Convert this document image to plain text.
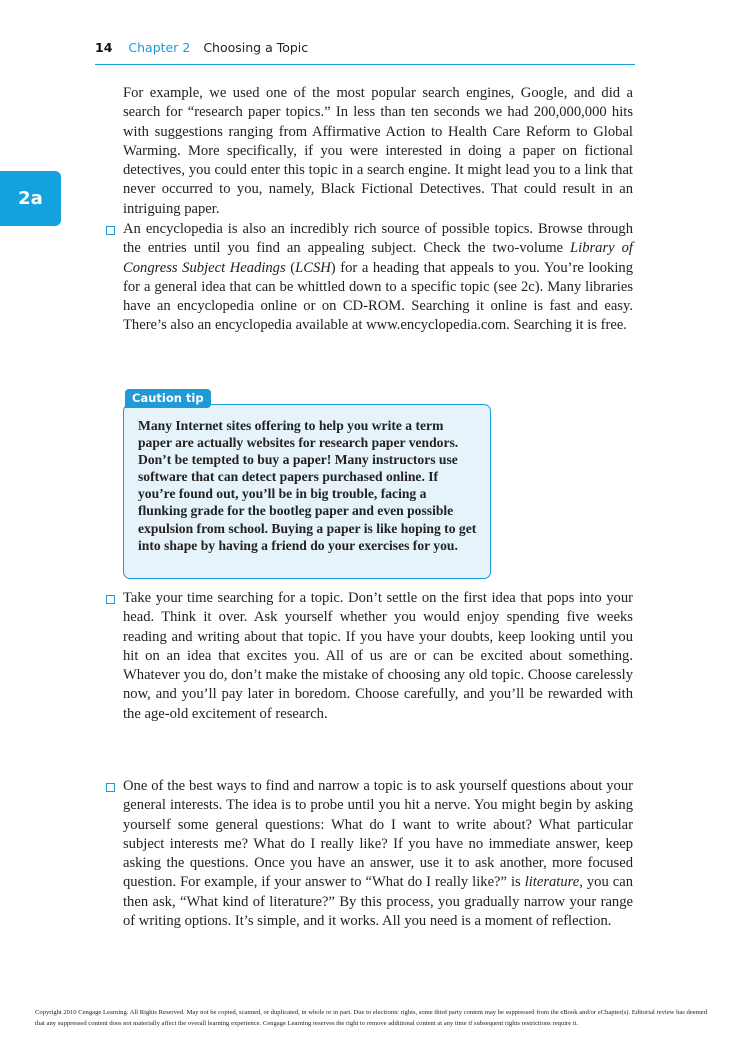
14 Chapter 2 Choosing a Topic
2a
For example, we used one of the most popular search engines, Google, and did a search for “research paper topics.” In less than ten seconds we had 200,000,000 hits with suggestions ranging from Affirmative Action to Health Care Reform to Global Warming. More specifically, if you were interested in doing a paper on fictional detectives, you could enter this topic in a search engine. It might lead you to a link that never occurred to you, namely, Black Fictional Detectives. That could result in an intriguing paper.
An encyclopedia is also an incredibly rich source of possible topics. Browse through the entries until you find an appealing subject. Check the two-volume Library of Congress Subject Headings (LCSH) for a heading that appeals to you. You’re looking for a general idea that can be whittled down to a specific topic (see 2c). Many libraries have an encyclopedia online or on CD-ROM. Searching it online is fast and easy. There’s also an encyclopedia available at www.encyclopedia.com. Searching it is free.
Many Internet sites offering to help you write a term paper are actually websites for research paper vendors. Don’t be tempted to buy a paper! Many instructors use software that can detect papers purchased online. If you’re found out, you’ll be in big trouble, facing a flunking grade for the bootleg paper and even possible expulsion from school. Buying a paper is like hoping to get into shape by having a friend do your exercises for you.
Caution tip
Take your time searching for a topic. Don’t settle on the first idea that pops into your head. Think it over. Ask yourself whether you would enjoy spending five weeks reading and writing about that topic. If you have your doubts, keep looking until you hit on an idea that excites you. All of us are or can be excited about something. Whatever you do, don’t make the mistake of choosing any old topic. Choose carelessly now, and you’ll pay later in boredom. Choose carefully, and you’ll be rewarded with the age-old excitement of research.
One of the best ways to find and narrow a topic is to ask yourself questions about your general interests. The idea is to probe until you hit a nerve. You might begin by asking yourself some general questions: What do I want to write about? What particular subject interests me? What do I really like? If you have no immediate answer, keep asking the questions. Once you have an answer, use it to ask another, more focused question. For example, if your answer to “What do I really like?” is literature, you can then ask, “What kind of literature?” By this process, you gradually narrow your range of writing options. It’s simple, and it works. All you need is a moment of reflection.
Copyright 2010 Cengage Learning. All Rights Reserved. May not be copied, scanned, or duplicated, in whole or in part. Due to electronic rights, some third party content may be suppressed from the eBook and/or eChapter(s). Editorial review has deemed that any suppressed content does not materially affect the overall learning experience. Cengage Learning reserves the right to remove additional content at any time if subsequent rights restrictions require it.
